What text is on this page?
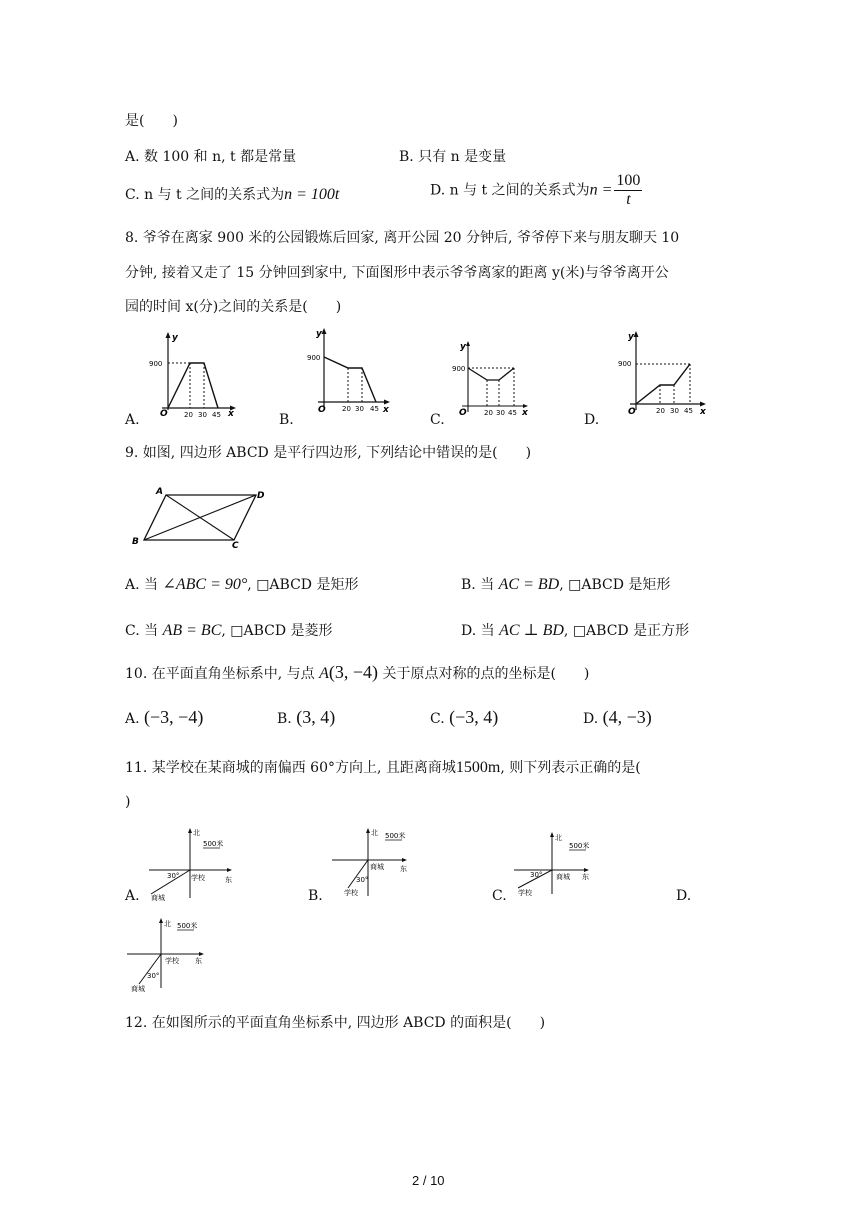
是(　　)
A. 数 100 和 n, t 都是常量	B. 只有 n 是变量
C. n 与 t 之间的关系式为n = 100t	D. n 与 t 之间的关系式为$n = \frac{100}{t}$
8. 爷爷在离家 900 米的公园锻炼后回家, 离开公园 20 分钟后, 爷爷停下来与朋友聊天 10
分钟, 接着又走了 15 分钟回到家中, 下面图形中表示爷爷离家的距离 y(米)与爷爷离开公
园的时间 x(分)之间的关系是(　　)
A.	B.	C.	D.
y
x
O
900
20 30 45
y
x
O
900
20 30 45
y
x
O
900
20 30 45
y
x
O
900
20 30 45
9. 如图, 四边形 ABCD 是平行四边形, 下列结论中错误的是(　　)
A	D
B	C
A. 当 ∠ABC = 90°, □ABCD 是矩形	B. 当 AC = BD, □ABCD 是矩形
C. 当 AB = BC, □ABCD 是菱形	D. 当 AC ⊥ BD, □ABCD 是正方形
10. 在平面直角坐标系中, 与点 A(3, −4) 关于原点对称的点的坐标是(　　)
A. (−3, −4)	B. (3, 4)	C. (−3, 4)	D. (4, −3)
11. 某学校在某商城的南偏西 60°方向上, 且距离商城1500m, 则下列表示正确的是(
)
A.	B.	C.	D.
北
东
500米
30° 学校
商城
北
东
500米
30°
商城
学校
北
东
500米
30° 商城
学校
北
东
500米
30°
学校
商城
12. 在如图所示的平面直角坐标系中, 四边形 ABCD 的面积是(　　)
2 / 10
